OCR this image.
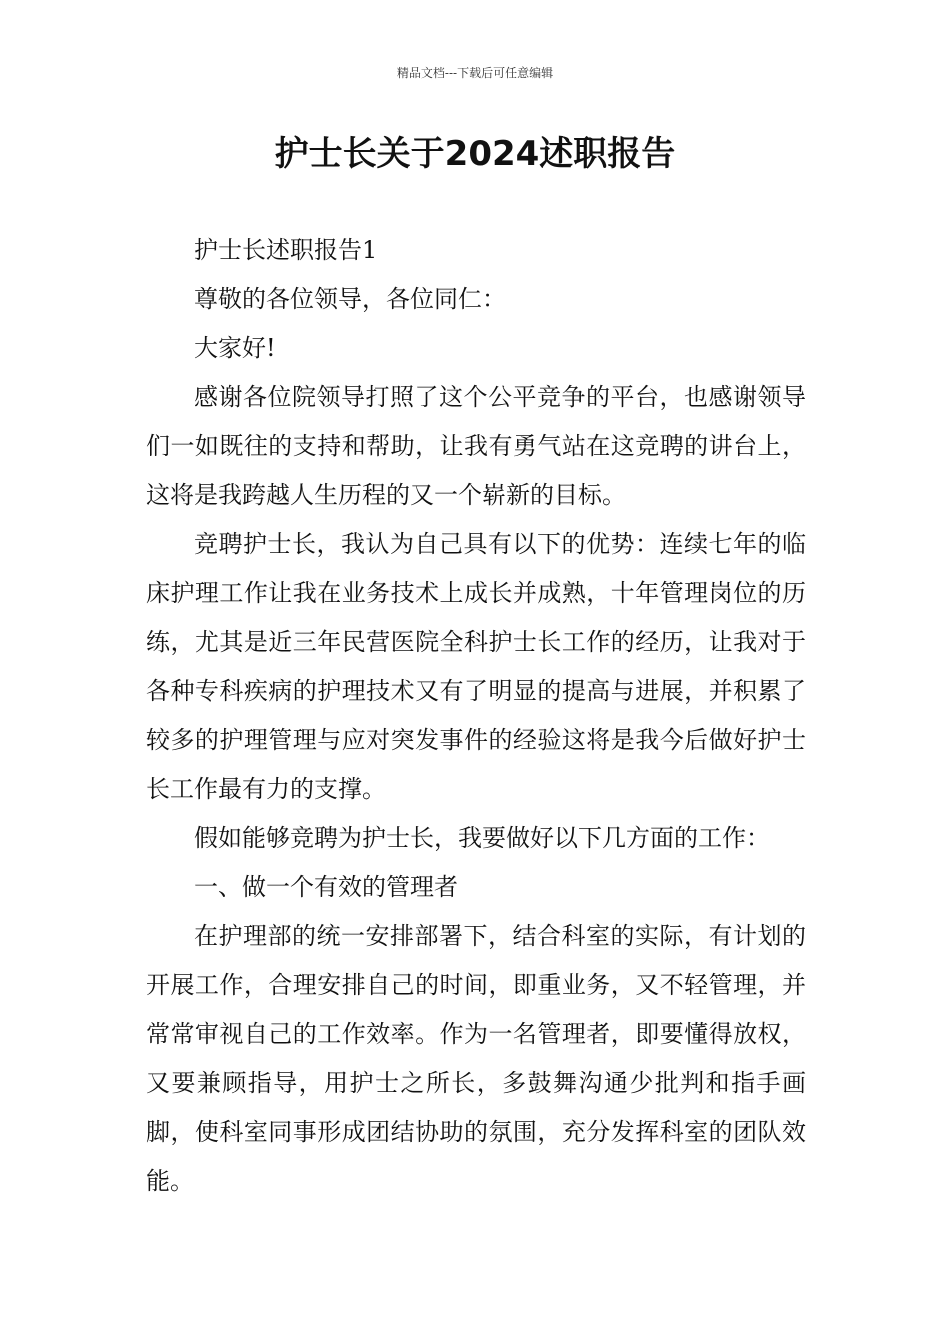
精品文档---下载后可任意编辑
护士长关于2024述职报告

护士长述职报告1

尊敬的各位领导，各位同仁：

大家好!

感谢各位院领导打照了这个公平竞争的平台，也感谢领导们一如既往的支持和帮助，让我有勇气站在这竞聘的讲台上，这将是我跨越人生历程的又一个崭新的目标。

竞聘护士长，我认为自己具有以下的优势：连续七年的临床护理工作让我在业务技术上成长并成熟，十年管理岗位的历练，尤其是近三年民营医院全科护士长工作的经历，让我对于各种专科疾病的护理技术又有了明显的提高与进展，并积累了较多的护理管理与应对突发事件的经验这将是我今后做好护士长工作最有力的支撑。

假如能够竞聘为护士长，我要做好以下几方面的工作：

一、做一个有效的管理者

在护理部的统一安排部署下，结合科室的实际，有计划的开展工作，合理安排自己的时间，即重业务，又不轻管理，并常常审视自己的工作效率。作为一名管理者，即要懂得放权，又要兼顾指导，用护士之所长，多鼓舞沟通少批判和指手画脚，使科室同事形成团结协助的氛围，充分发挥科室的团队效能。
